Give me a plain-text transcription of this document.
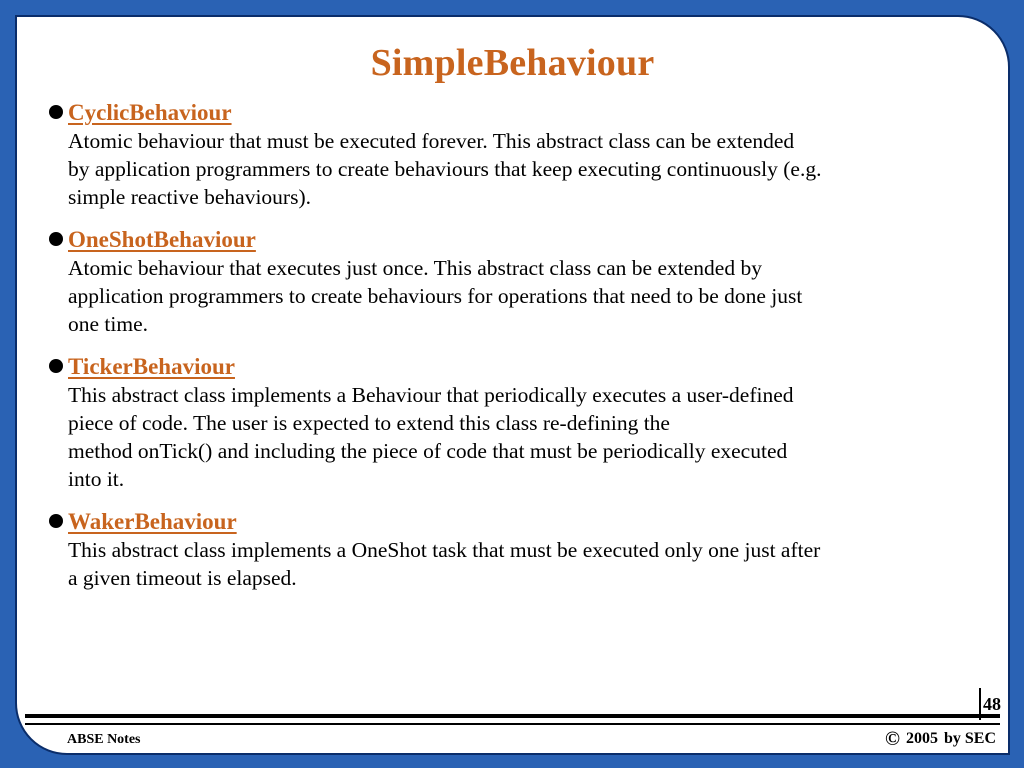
SimpleBehaviour
CyclicBehaviour
Atomic behaviour that must be executed forever. This abstract class can be extended
by application programmers to create behaviours that keep executing continuously (e.g.
simple reactive behaviours).
OneShotBehaviour
Atomic behaviour that executes just once. This abstract class can be extended by
application programmers to create behaviours for operations that need to be done just
one time.
TickerBehaviour
This abstract class implements a Behaviour that periodically executes a user-defined
piece of code. The user is expected to extend this class re-defining the
method onTick() and including the piece of code that must be periodically executed
into it.
WakerBehaviour
This abstract class implements a OneShot task that must be executed only one just after
a given timeout is elapsed.
48
ABSE Notes	© 2005 by SEC
